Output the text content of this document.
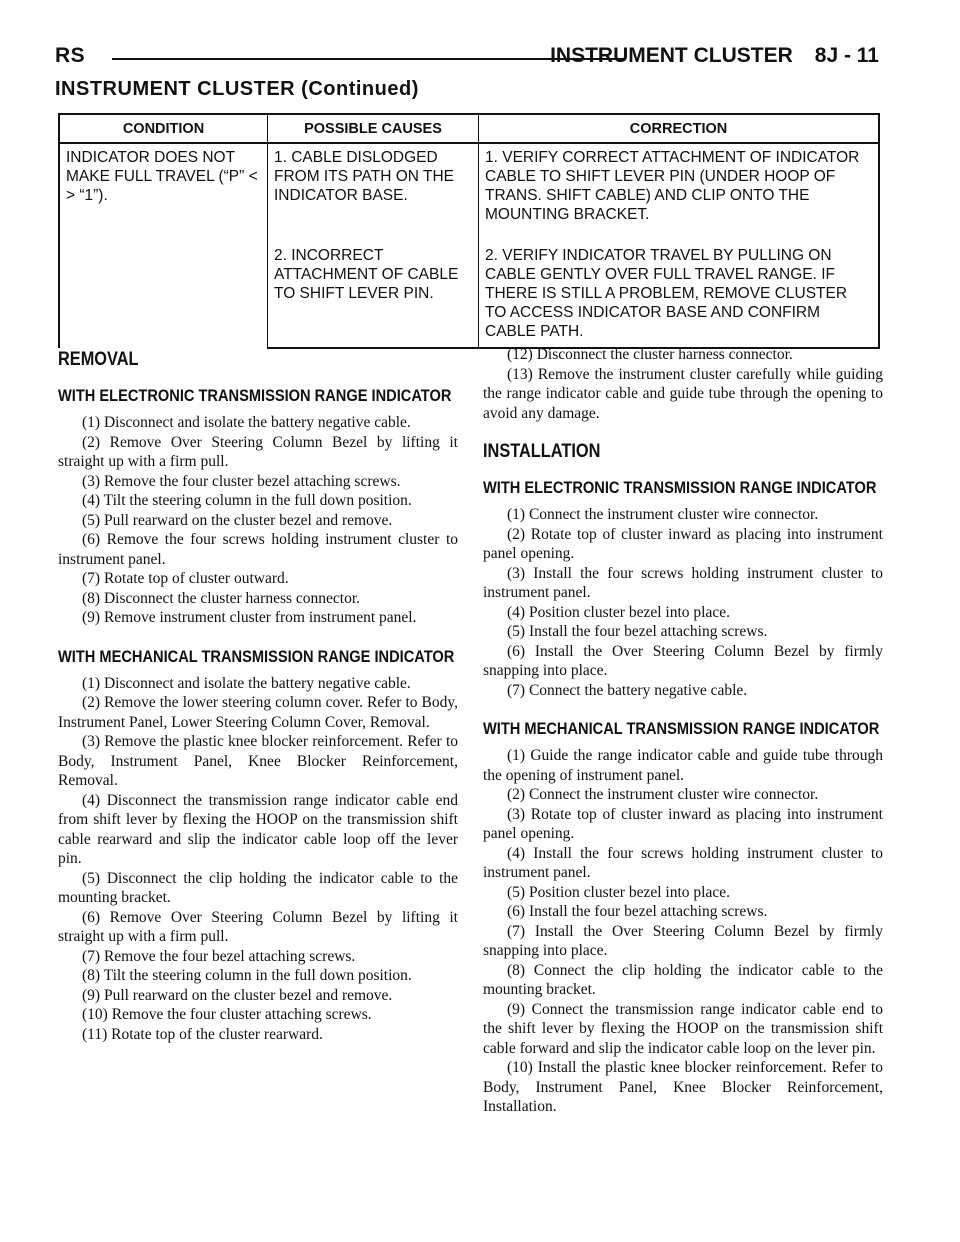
RS	INSTRUMENT CLUSTER 8J - 11
INSTRUMENT CLUSTER (Continued)
CONDITION	POSSIBLE CAUSES	CORRECTION
INDICATOR DOES NOT MAKE FULL TRAVEL (“P” < > “1”).	1. CABLE DISLODGED FROM ITS PATH ON THE INDICATOR BASE.	1. VERIFY CORRECT ATTACHMENT OF INDICATOR CABLE TO SHIFT LEVER PIN (UNDER HOOP OF TRANS. SHIFT CABLE) AND CLIP ONTO THE MOUNTING BRACKET.
	2. INCORRECT ATTACHMENT OF CABLE TO SHIFT LEVER PIN.	2. VERIFY INDICATOR TRAVEL BY PULLING ON CABLE GENTLY OVER FULL TRAVEL RANGE. IF THERE IS STILL A PROBLEM, REMOVE CLUSTER TO ACCESS INDICATOR BASE AND CONFIRM CABLE PATH.
REMOVAL
WITH ELECTRONIC TRANSMISSION RANGE INDICATOR

(1) Disconnect and isolate the battery negative cable.

(2) Remove Over Steering Column Bezel by lifting it straight up with a firm pull.

(3) Remove the four cluster bezel attaching screws.

(4) Tilt the steering column in the full down position.

(5) Pull rearward on the cluster bezel and remove.

(6) Remove the four screws holding instrument cluster to instrument panel.

(7) Rotate top of cluster outward.

(8) Disconnect the cluster harness connector.

(9) Remove instrument cluster from instrument panel.

WITH MECHANICAL TRANSMISSION RANGE INDICATOR

(1) Disconnect and isolate the battery negative cable.

(2) Remove the lower steering column cover. Refer to Body, Instrument Panel, Lower Steering Column Cover, Removal.

(3) Remove the plastic knee blocker reinforcement. Refer to Body, Instrument Panel, Knee Blocker Reinforcement, Removal.

(4) Disconnect the transmission range indicator cable end from shift lever by flexing the HOOP on the transmission shift cable rearward and slip the indicator cable loop off the lever pin.

(5) Disconnect the clip holding the indicator cable to the mounting bracket.

(6) Remove Over Steering Column Bezel by lifting it straight up with a firm pull.

(7) Remove the four bezel attaching screws.

(8) Tilt the steering column in the full down position.

(9) Pull rearward on the cluster bezel and remove.

(10) Remove the four cluster attaching screws.

(11) Rotate top of the cluster rearward.

(12) Disconnect the cluster harness connector.

(13) Remove the instrument cluster carefully while guiding the range indicator cable and guide tube through the opening to avoid any damage.

INSTALLATION
WITH ELECTRONIC TRANSMISSION RANGE INDICATOR

(1) Connect the instrument cluster wire connector.

(2) Rotate top of cluster inward as placing into instrument panel opening.

(3) Install the four screws holding instrument cluster to instrument panel.

(4) Position cluster bezel into place.

(5) Install the four bezel attaching screws.

(6) Install the Over Steering Column Bezel by firmly snapping into place.

(7) Connect the battery negative cable.

WITH MECHANICAL TRANSMISSION RANGE INDICATOR

(1) Guide the range indicator cable and guide tube through the opening of instrument panel.

(2) Connect the instrument cluster wire connector.

(3) Rotate top of cluster inward as placing into instrument panel opening.

(4) Install the four screws holding instrument cluster to instrument panel.

(5) Position cluster bezel into place.

(6) Install the four bezel attaching screws.

(7) Install the Over Steering Column Bezel by firmly snapping into place.

(8) Connect the clip holding the indicator cable to the mounting bracket.

(9) Connect the transmission range indicator cable end to the shift lever by flexing the HOOP on the transmission shift cable forward and slip the indicator cable loop on the lever pin.

(10) Install the plastic knee blocker reinforcement. Refer to Body, Instrument Panel, Knee Blocker Reinforcement, Installation.
